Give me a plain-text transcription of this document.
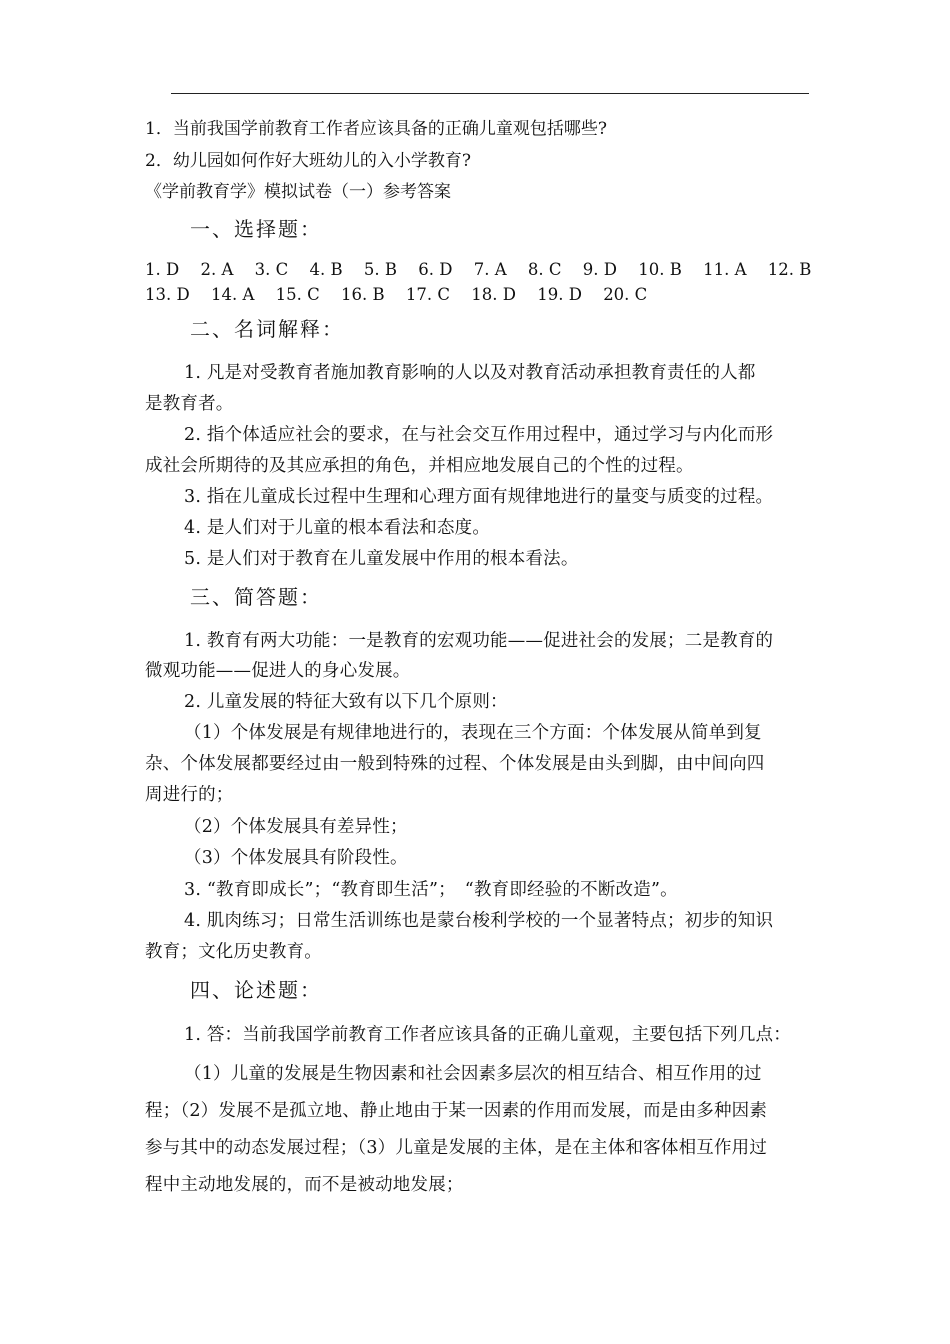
1．当前我国学前教育工作者应该具备的正确儿童观包括哪些?
2．幼儿园如何作好大班幼儿的入小学教育?
《学前教育学》模拟试卷（一）参考答案
一、选择题：
1. D 2. A 3. C 4. B 5. B 6. D 7. A 8. C 9. D 10. B 11. A 12. B
13. D 14. A 15. C 16. B 17. C 18. D 19. D 20. C
二、名词解释：
1. 凡是对受教育者施加教育影响的人以及对教育活动承担教育责任的人都
是教育者。
2. 指个体适应社会的要求，在与社会交互作用过程中，通过学习与内化而形
成社会所期待的及其应承担的角色，并相应地发展自己的个性的过程。
3. 指在儿童成长过程中生理和心理方面有规律地进行的量变与质变的过程。
4. 是人们对于儿童的根本看法和态度。
5. 是人们对于教育在儿童发展中作用的根本看法。
三、简答题：
1. 教育有两大功能：一是教育的宏观功能——促进社会的发展；二是教育的
微观功能——促进人的身心发展。
2. 儿童发展的特征大致有以下几个原则：
（1）个体发展是有规律地进行的，表现在三个方面：个体发展从简单到复
杂、个体发展都要经过由一般到特殊的过程、个体发展是由头到脚，由中间向四
周进行的；
（2）个体发展具有差异性；
（3）个体发展具有阶段性。
3. “教育即成长”；“教育即生活”；　“教育即经验的不断改造”。
4. 肌肉练习；日常生活训练也是蒙台梭利学校的一个显著特点；初步的知识
教育；文化历史教育。
四、论述题：
1. 答：当前我国学前教育工作者应该具备的正确儿童观，主要包括下列几点：
（1）儿童的发展是生物因素和社会因素多层次的相互结合、相互作用的过
程；（2）发展不是孤立地、静止地由于某一因素的作用而发展，而是由多种因素
参与其中的动态发展过程；（3）儿童是发展的主体，是在主体和客体相互作用过
程中主动地发展的，而不是被动地发展；
